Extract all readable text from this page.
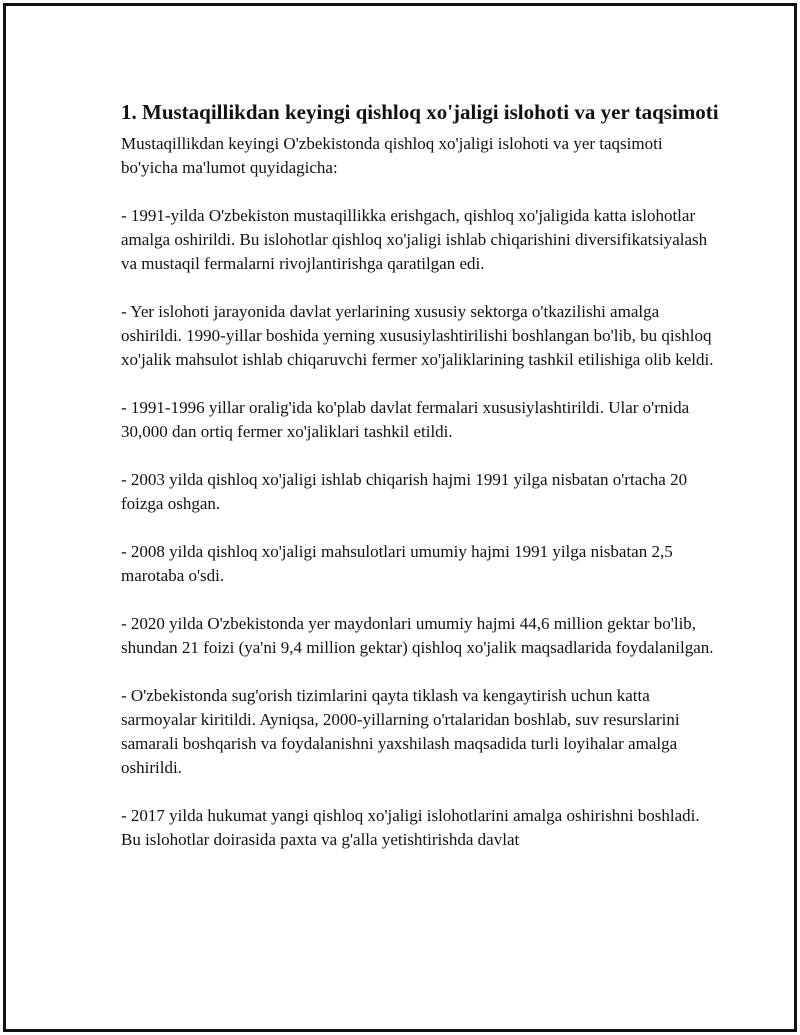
1. Mustaqillikdan keyingi qishloq xo'jaligi islohoti va yer taqsimoti

Mustaqillikdan keyingi O'zbekistonda qishloq xo'jaligi islohoti va yer taqsimoti bo'yicha ma'lumot quyidagicha:

- 1991-yilda O'zbekiston mustaqillikka erishgach, qishloq xo'jaligida katta islohotlar amalga oshirildi. Bu islohotlar qishloq xo'jaligi ishlab chiqarishini diversifikatsiyalash va mustaqil fermalarni rivojlantirishga qaratilgan edi.

- Yer islohoti jarayonida davlat yerlarining xususiy sektorga o'tkazilishi amalga oshirildi. 1990-yillar boshida yerning xususiylashtirilishi boshlangan bo'lib, bu qishloq xo'jalik mahsulot ishlab chiqaruvchi fermer xo'jaliklarining tashkil etilishiga olib keldi.

- 1991-1996 yillar oralig'ida ko'plab davlat fermalari xususiylashtirildi. Ular o'rnida 30,000 dan ortiq fermer xo'jaliklari tashkil etildi.

- 2003 yilda qishloq xo'jaligi ishlab chiqarish hajmi 1991 yilga nisbatan o'rtacha 20 foizga oshgan.

- 2008 yilda qishloq xo'jaligi mahsulotlari umumiy hajmi 1991 yilga nisbatan 2,5 marotaba o'sdi.

- 2020 yilda O'zbekistonda yer maydonlari umumiy hajmi 44,6 million gektar bo'lib, shundan 21 foizi (ya'ni 9,4 million gektar) qishloq xo'jalik maqsadlarida foydalanilgan.

- O'zbekistonda sug'orish tizimlarini qayta tiklash va kengaytirish uchun katta sarmoyalar kiritildi. Ayniqsa, 2000-yillarning o'rtalaridan boshlab, suv resurslarini samarali boshqarish va foydalanishni yaxshilash maqsadida turli loyihalar amalga oshirildi.

- 2017 yilda hukumat yangi qishloq xo'jaligi islohotlarini amalga oshirishni boshladi. Bu islohotlar doirasida paxta va g'alla yetishtirishda davlat
